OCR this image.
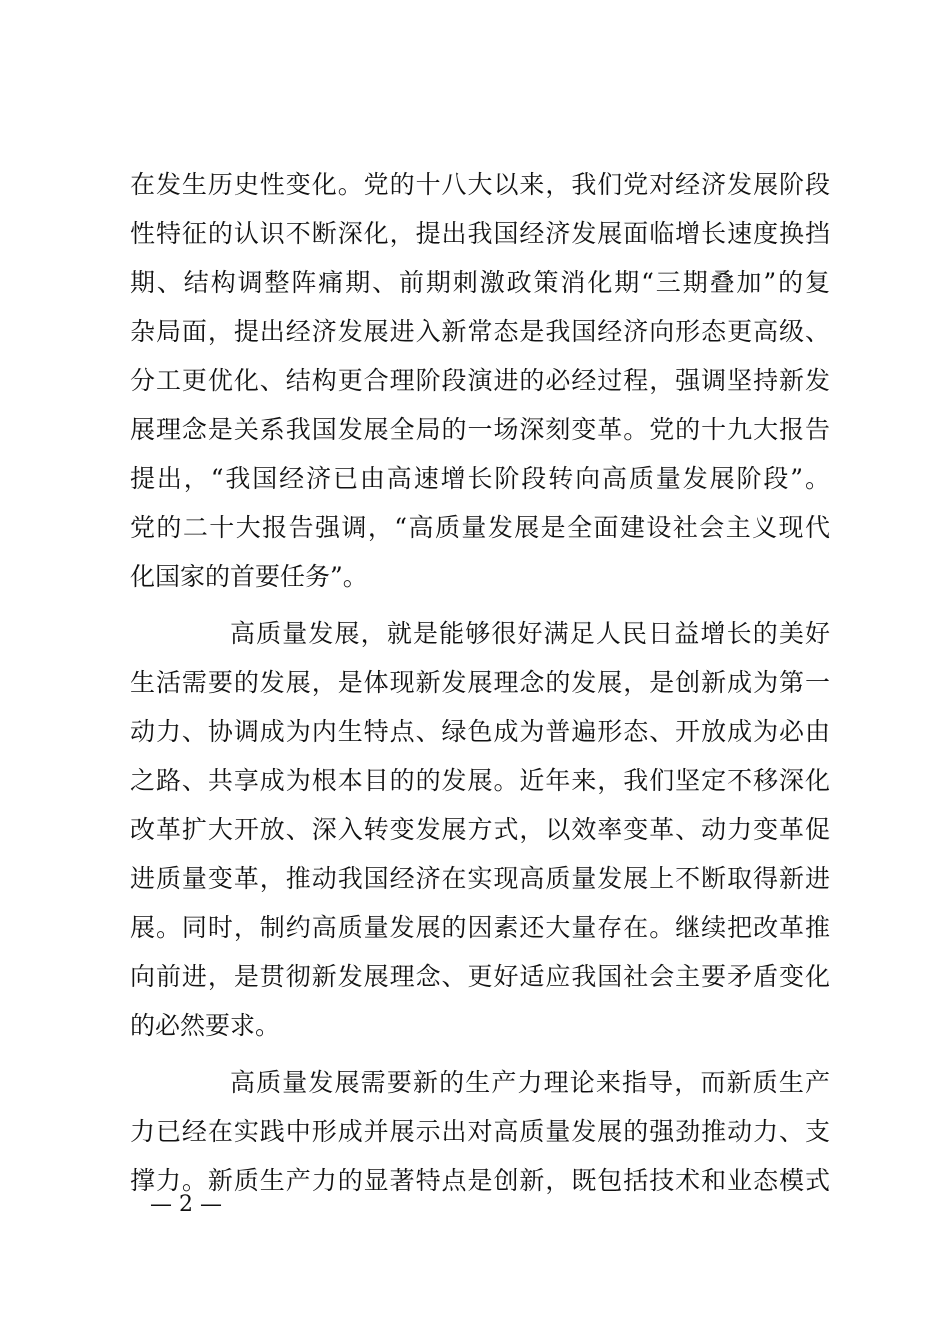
在发生历史性变化。党的十八大以来，我们党对经济发展阶段
性特征的认识不断深化，提出我国经济发展面临增长速度换挡
期、结构调整阵痛期、前期刺激政策消化期“三期叠加”的复
杂局面，提出经济发展进入新常态是我国经济向形态更高级、
分工更优化、结构更合理阶段演进的必经过程，强调坚持新发
展理念是关系我国发展全局的一场深刻变革。党的十九大报告
提出，“我国经济已由高速增长阶段转向高质量发展阶段”。
党的二十大报告强调，“高质量发展是全面建设社会主义现代
化国家的首要任务”。
高质量发展，就是能够很好满足人民日益增长的美好
生活需要的发展，是体现新发展理念的发展，是创新成为第一
动力、协调成为内生特点、绿色成为普遍形态、开放成为必由
之路、共享成为根本目的的发展。近年来，我们坚定不移深化
改革扩大开放、深入转变发展方式，以效率变革、动力变革促
进质量变革，推动我国经济在实现高质量发展上不断取得新进
展。同时，制约高质量发展的因素还大量存在。继续把改革推
向前进，是贯彻新发展理念、更好适应我国社会主要矛盾变化
的必然要求。
高质量发展需要新的生产力理论来指导，而新质生产
力已经在实践中形成并展示出对高质量发展的强劲推动力、支
撑力。新质生产力的显著特点是创新，既包括技术和业态模式
— 2 —
